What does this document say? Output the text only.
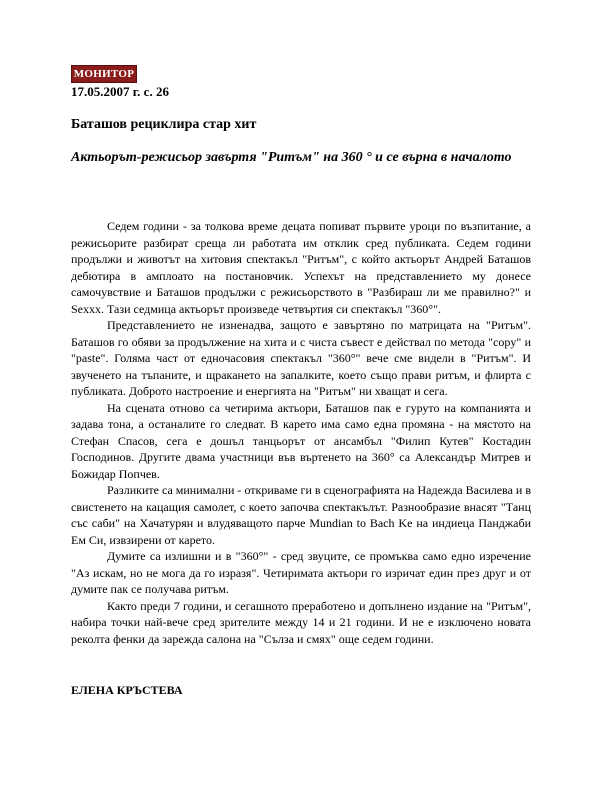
МОНИТОР
17.05.2007 г. с. 26
Баташов рециклира стар хит
Актьорът-режисьор завъртя "Ритъм" на 360 ° и се върна в началото

Седем години - за толкова време децата попиват първите уроци по възпитание, а режисьорите разбират среща ли работата им отклик сред публиката. Седем години продължи и животът на хитовия спектакъл "Ритъм", с който актьорът Андрей Баташов дебютира в амплоато на постановчик. Успехът на представлението му донесе самочувствие и Баташов продължи с режисьорството в "Разбираш ли ме правилно?" и Sexxx. Тази седмица актьорът произведе четвъртия си спектакъл "360°".

Представлението не изненадва, защото е завъртяно по матрицата на "Ритъм". Баташов го обяви за продължение на хита и с чиста съвест е действал по метода "copy" и "paste". Голяма част от едночасовия спектакъл "360°" вече сме видели в "Ритъм". И звученето на тъпаните, и щракането на запалките, което също прави ритъм, и флирта с публиката. Доброто настроение и енергията на "Ритъм" ни хващат и сега.

На сцената отново са четирима актьори, Баташов пак е гуруто на компанията и задава тона, а останалите го следват. В карето има само една промяна - на мястото на Стефан Спасов, сега е дошъл танцьорът от ансамбъл "Филип Кутев" Костадин Господинов. Другите двама участници във въртенето на 360° са Александър Митрев и Божидар Попчев.

Разликите са минимални - откриваме ги в сценографията на Надежда Василева и в свистенето на кацащия самолет, с което започва спектакълът. Разнообразие внасят "Танц със саби" на Хачатурян и влудяващото парче Mundian to Bach Ke на индиеца Панджаби Ем Си, извзирени от карето.

Думите са излишни и в "360°" - сред звуците, се промъква само едно изречение "Аз искам, но не мога да го изразя". Четиримата актьори го изричат един през друг и от думите пак се получава ритъм.

Както преди 7 години, и сегашното преработено и допълнено издание на "Ритъм", набира точки най-вече сред зрителите между 14 и 21 години. И не е изключено новата реколта фенки да зарежда салона на "Сълза и смях" още седем години.

ЕЛЕНА КРЪСТЕВА
